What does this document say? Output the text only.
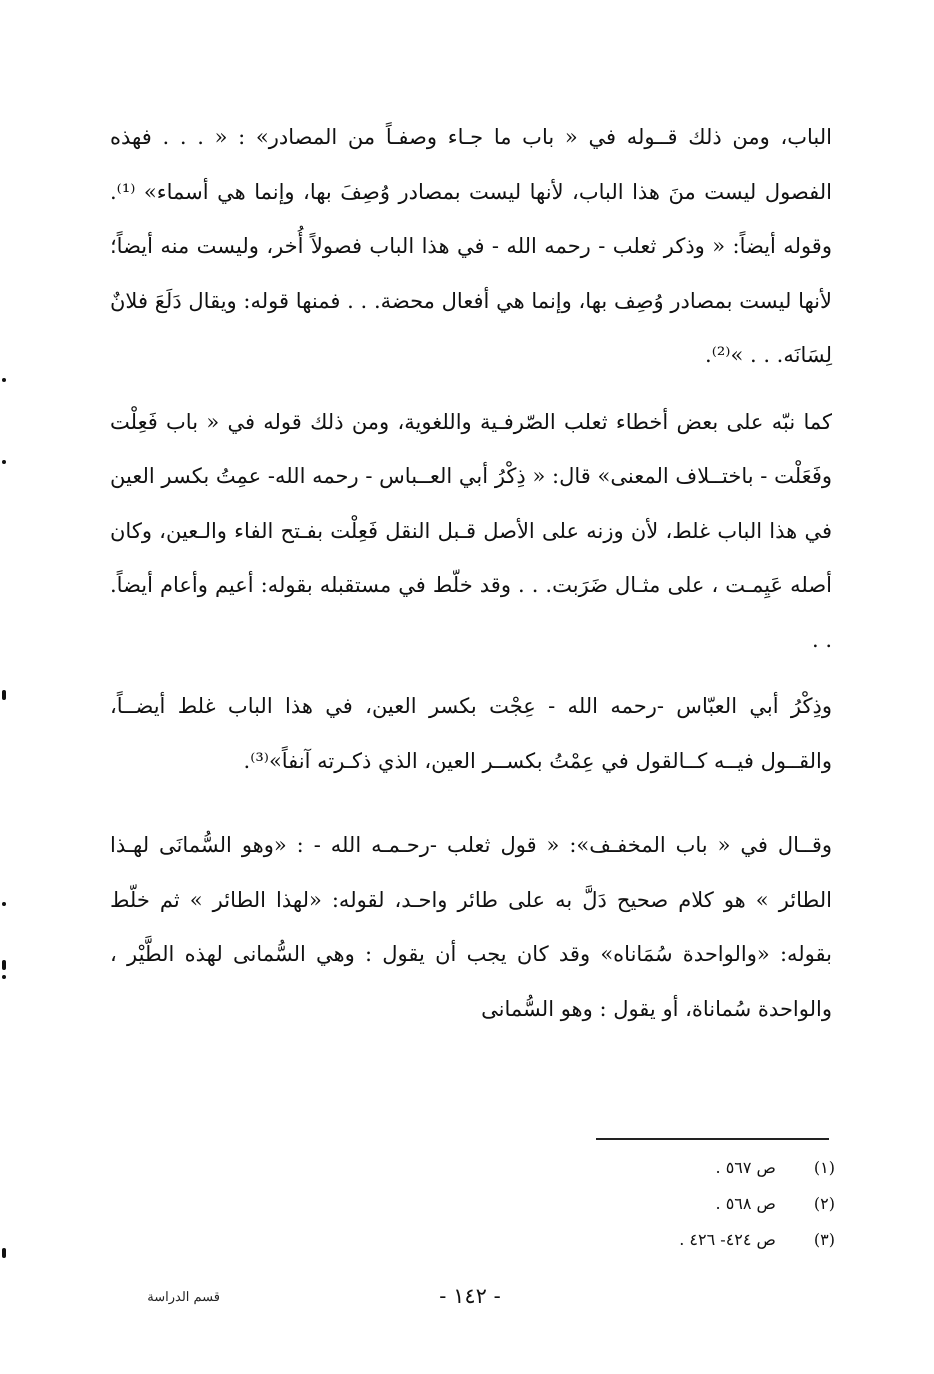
الباب، ومن ذلك قــوله في « باب ما جـاء وصفـاً من المصادر» : « . . . فهذه الفصول ليست منَ هذا الباب، لأنها ليست بمصادر وُصِفَ بها، وإنما هي أسماء» ⁽¹⁾. وقوله أيضاً: « وذكر ثعلب - رحمه الله - في هذا الباب فصولاً أُخر، وليست منه أيضاً؛ لأنها ليست بمصادر وُصِف بها، وإنما هي أفعال محضة. . . فمنها قوله: ويقال دَلَعَ فلانٌ لِسَانَه. . . »⁽²⁾.

كما نبّه على بعض أخطاء ثعلب الصّرفـية واللغوية، ومن ذلك قوله في « باب فَعِلْت وفَعَلْت - باختــلاف المعنى» قال: « ذِكْرُ أبي العــباس - رحمه الله- عمِتُ بكسر العين في هذا الباب غلط، لأن وزنه على الأصل قـبل النقل فَعِلْت بفـتح الفاء والـعين، وكان أصله عَيِمـت ، على مثـال ضَرَبت. . . وقد خلّط في مستقبله بقوله: أعيم وأعام أيضاً. . .

وذِكْرُ أبي العبّاس -رحمه الله - عِجْت بكسر العين، في هذا الباب غلط أيضــاً، والقــول فيــه كــالقول في عِمْتُ بكســر العين، الذي ذكـرته آنفاً»⁽³⁾.

وقــال في « باب المخفـف»: « قول ثعلب -رحـمـه الله - : «وهو السُّمانَى لهـذا الطائر » هو كلام صحيح دَلَّ به على طائر واحـد، لقوله: «لهذا الطائر » ثم خلّط بقوله: «والواحدة سُمَاناه» وقد كان يجب أن يقول : وهي السُّمانى لهذه الطَّيْر ، والواحدة سُماناة، أو يقول : وهو السُّمانى

(١) ص ٥٦٧ .
(٢) ص ٥٦٨ .
(٣) ص ٤٢٤- ٤٢٦ .
- ١٤٢ -
قسم الدراسة
